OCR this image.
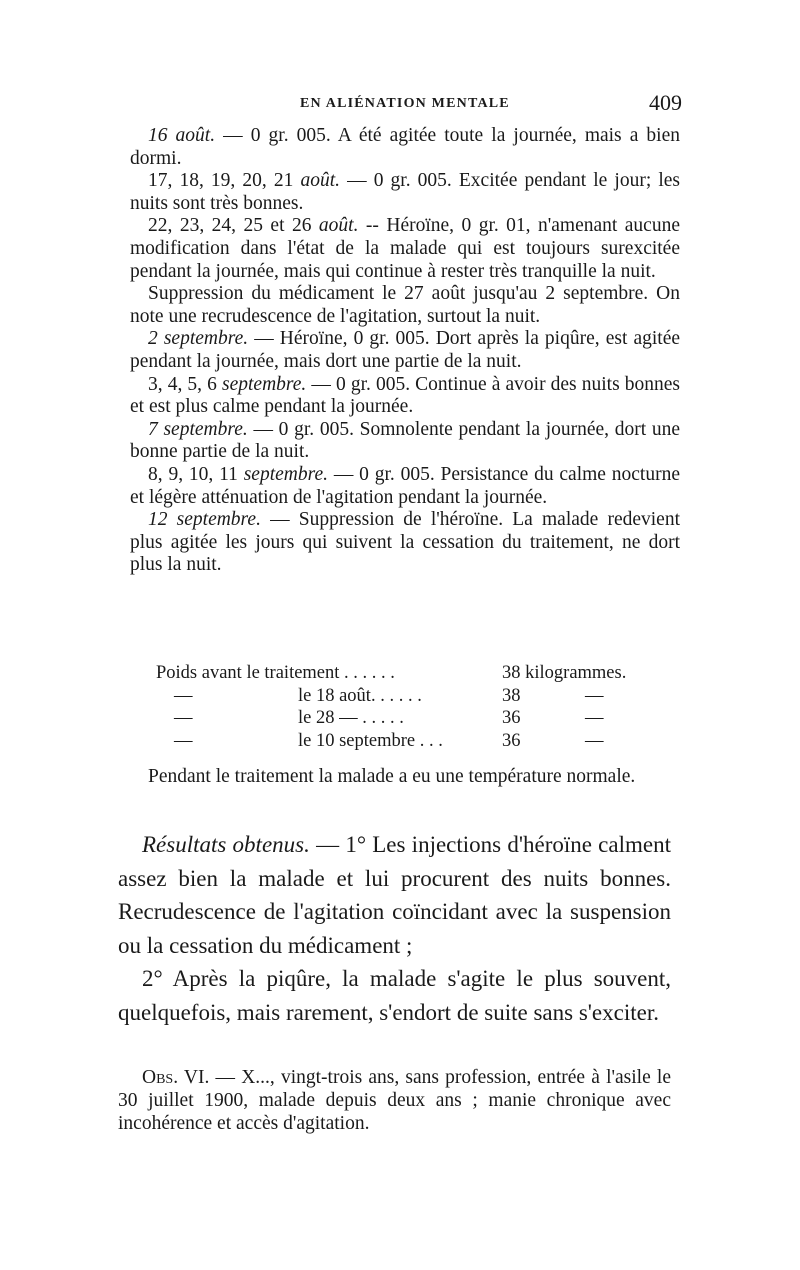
EN ALIÉNATION MENTALE	409

16 août. — 0 gr. 005. A été agitée toute la journée, mais a bien dormi.

17, 18, 19, 20, 21 août. — 0 gr. 005. Excitée pendant le jour; les nuits sont très bonnes.

22, 23, 24, 25 et 26 août. -- Héroïne, 0 gr. 01, n'amenant aucune modification dans l'état de la malade qui est toujours surexcitée pendant la journée, mais qui continue à rester très tranquille la nuit.

Suppression du médicament le 27 août jusqu'au 2 septembre. On note une recrudescence de l'agitation, surtout la nuit.

2 septembre. — Héroïne, 0 gr. 005. Dort après la piqûre, est agitée pendant la journée, mais dort une partie de la nuit.

3, 4, 5, 6 septembre. — 0 gr. 005. Continue à avoir des nuits bonnes et est plus calme pendant la journée.

7 septembre. — 0 gr. 005. Somnolente pendant la journée, dort une bonne partie de la nuit.

8, 9, 10, 11 septembre. — 0 gr. 005. Persistance du calme nocturne et légère atténuation de l'agitation pendant la journée.

12 septembre. — Suppression de l'héroïne. La malade redevient plus agitée les jours qui suivent la cessation du traitement, ne dort plus la nuit.

Poids avant le traitement . . . . . .	38 kilogrammes.
—	le 18 août. . . . . .	38	—
—	le 28 — . . . . .	36	—
—	le 10 septembre . . .	36	—

Pendant le traitement la malade a eu une température normale.

Résultats obtenus. — 1° Les injections d'héroïne calment assez bien la malade et lui procurent des nuits bonnes. Recrudescence de l'agitation coïncidant avec la suspension ou la cessation du médicament ;

2° Après la piqûre, la malade s'agite le plus souvent, quelquefois, mais rarement, s'endort de suite sans s'exciter.

Obs. VI. — X..., vingt-trois ans, sans profession, entrée à l'asile le 30 juillet 1900, malade depuis deux ans ; manie chronique avec incohérence et accès d'agitation.
